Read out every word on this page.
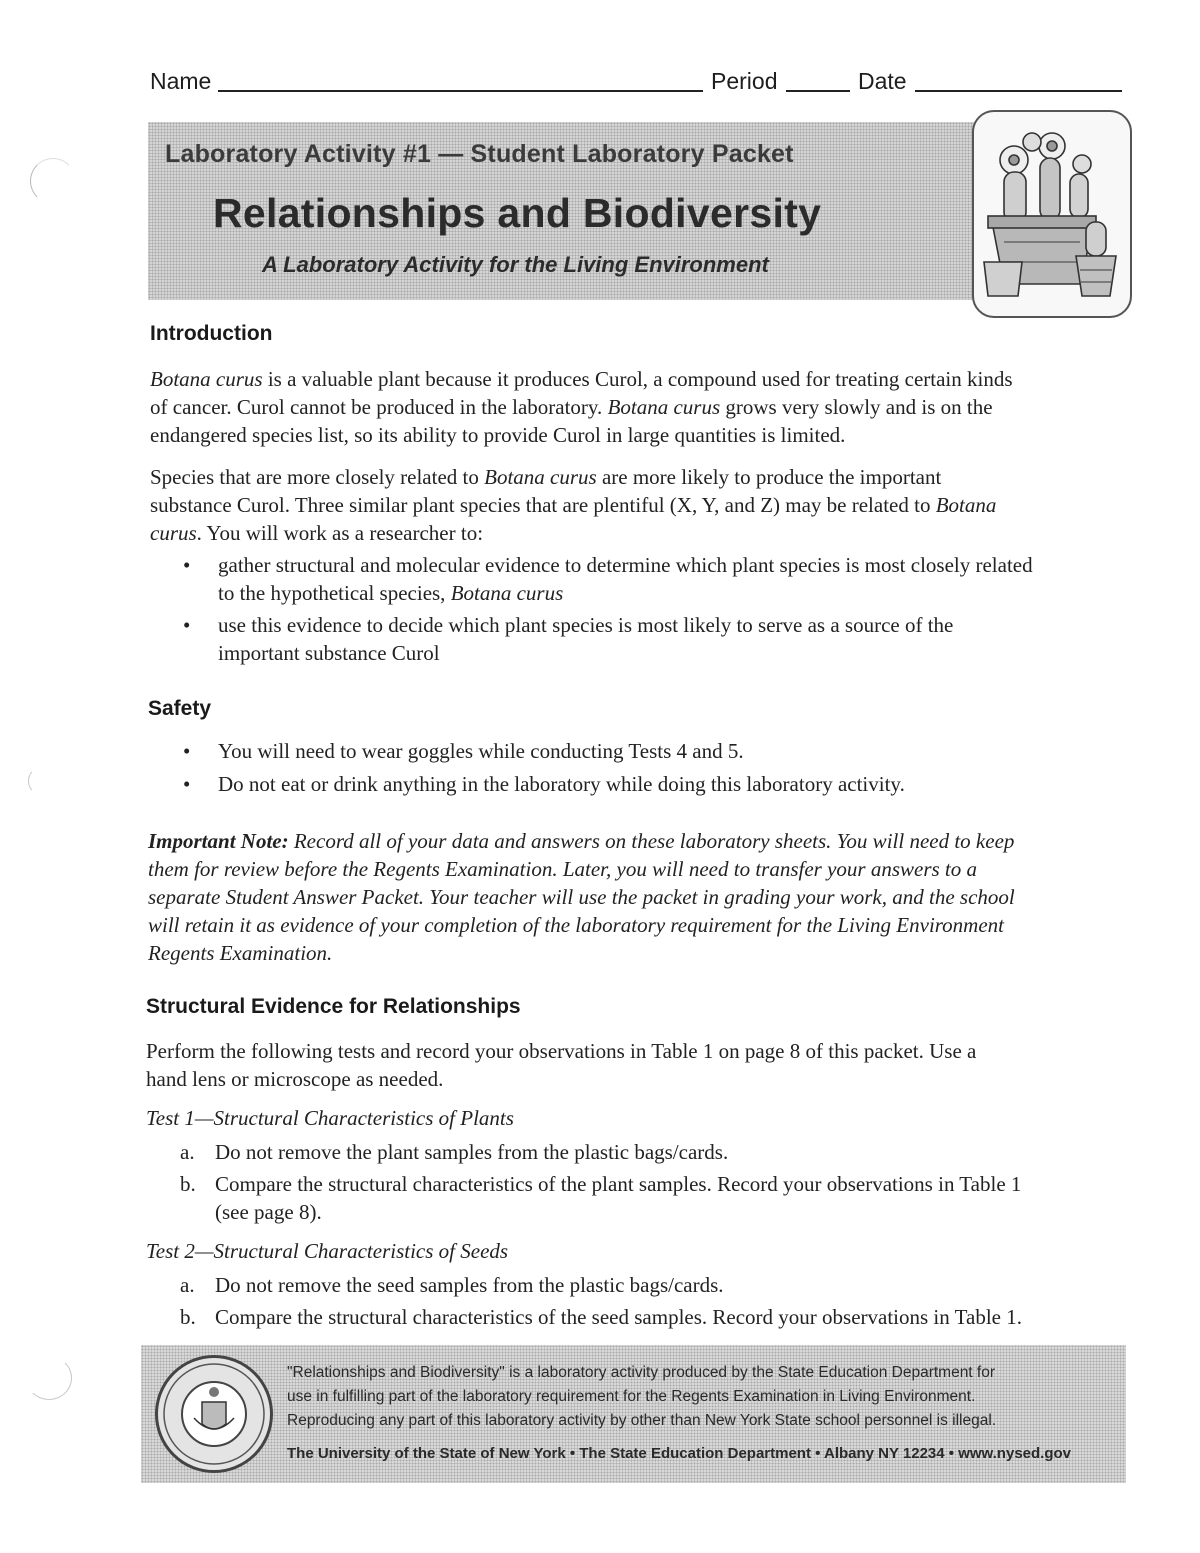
Name	Period	Date
Laboratory Activity #1 — Student Laboratory Packet
Relationships and Biodiversity
A Laboratory Activity for the Living Environment
Introduction
Botana curus is a valuable plant because it produces Curol, a compound used for treating certain kinds
of cancer. Curol cannot be produced in the laboratory. Botana curus grows very slowly and is on the
endangered species list, so its ability to provide Curol in large quantities is limited.
Species that are more closely related to Botana curus are more likely to produce the important
substance Curol. Three similar plant species that are plentiful (X, Y, and Z) may be related to Botana
curus. You will work as a researcher to:
• gather structural and molecular evidence to determine which plant species is most closely related
to the hypothetical species, Botana curus
• use this evidence to decide which plant species is most likely to serve as a source of the
important substance Curol
Safety
• You will need to wear goggles while conducting Tests 4 and 5.
• Do not eat or drink anything in the laboratory while doing this laboratory activity.
Important Note: Record all of your data and answers on these laboratory sheets. You will need to keep
them for review before the Regents Examination. Later, you will need to transfer your answers to a
separate Student Answer Packet. Your teacher will use the packet in grading your work, and the school
will retain it as evidence of your completion of the laboratory requirement for the Living Environment
Regents Examination.
Structural Evidence for Relationships
Perform the following tests and record your observations in Table 1 on page 8 of this packet. Use a
hand lens or microscope as needed.
Test 1—Structural Characteristics of Plants
a. Do not remove the plant samples from the plastic bags/cards.
b. Compare the structural characteristics of the plant samples. Record your observations in Table 1
(see page 8).
Test 2—Structural Characteristics of Seeds
a. Do not remove the seed samples from the plastic bags/cards.
b. Compare the structural characteristics of the seed samples. Record your observations in Table 1.
"Relationships and Biodiversity" is a laboratory activity produced by the State Education Department for
use in fulfilling part of the laboratory requirement for the Regents Examination in Living Environment.
Reproducing any part of this laboratory activity by other than New York State school personnel is illegal.
The University of the State of New York • The State Education Department • Albany NY 12234 • www.nysed.gov
